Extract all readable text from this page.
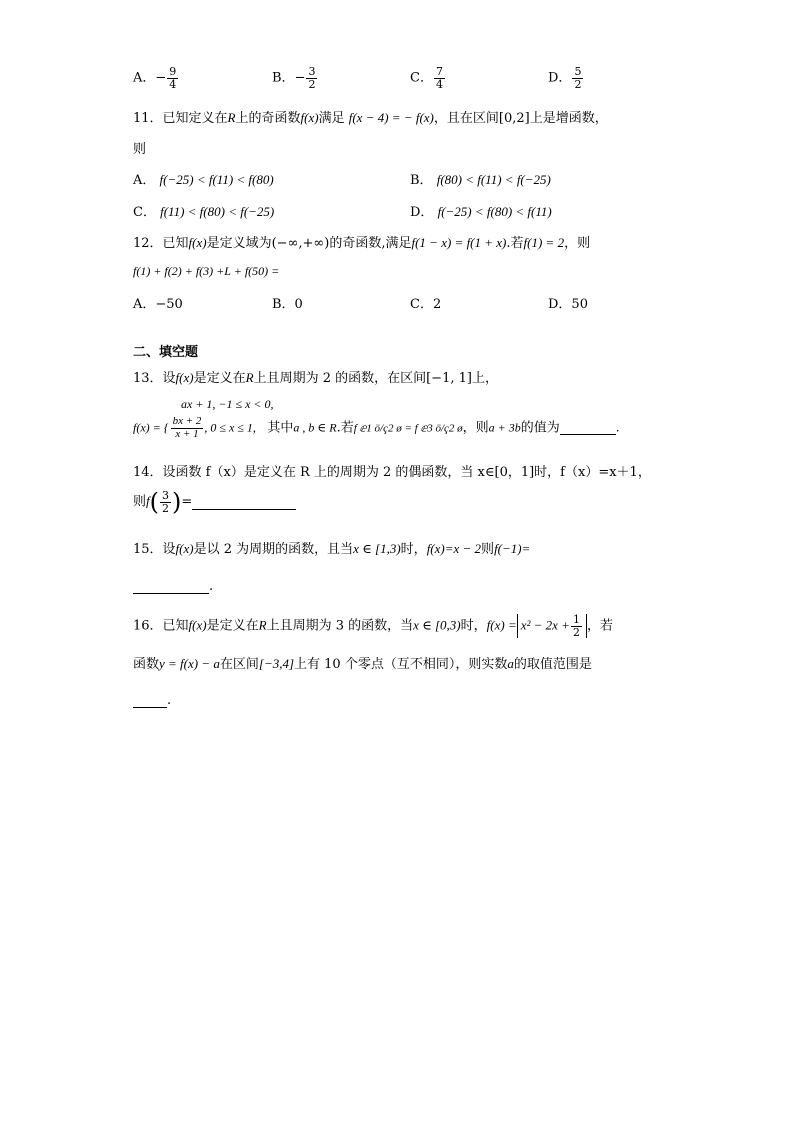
A．− $\frac{9}{4}$	B．− $\frac{3}{2}$	C． $\frac{7}{4}$	D． $\frac{5}{2}$
11．已知定义在R上的奇函数f(x)满足 f(x − 4) = − f(x)，且在区间[0,2]上是增函数，
则
A． f(−25) < f(11) < f(80)	B． f(80) < f(11) < f(−25)
C． f(11) < f(80) < f(−25)	D． f(−25) < f(80) < f(11)
12．已知f(x)是定义域为(−∞,+∞)的奇函数,满足f(1 − x) = f(1 + x).若f(1) = 2，则
f(1) + f(2) + f(3) +L + f(50) =
A．−50	B．0	C．2	D．50
二、填空题
13．设f(x)是定义在R上且周期为 2 的函数，在区间[−1, 1]上，
ax + 1, −1 ≤ x < 0,
f(x) = { $\frac{bx + 2}{x + 1}$ , 0 ≤ x ≤ 1, 其中a , b ∈ R.若f ⅇ1 ö/ç2 ø = f ⅇ3 ö/ç2 ø，则a + 3b的值为	.
14．设函数 f（x）是定义在 R 上的周期为 2 的偶函数，当 x∈[0，1]时，f（x）=x＋1，
则$f( \frac{3}{2}$ )=
15．设f(x)是以 2 为周期的函数，且当x ∈ [1,3)时，f(x)=x − 2则f(−1)=
.
16．已知f(x)是定义在R上且周期为 3 的函数，当x ∈ [0,3)时，$f(x) = x^2 - 2x + \frac{1}{2}$ ，若
函数y = f(x) − a在区间[−3,4]上有 10 个零点（互不相同），则实数a的取值范围是
.
